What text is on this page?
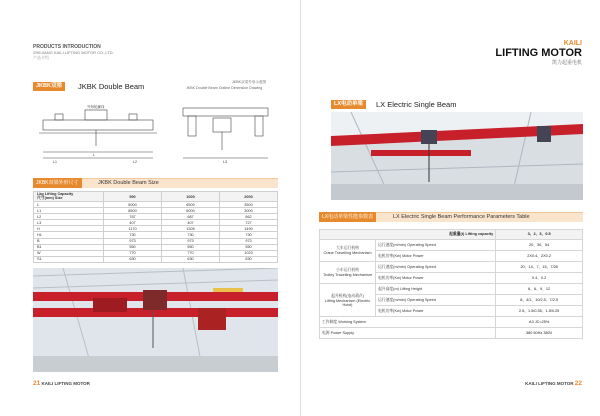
PRODUCTS INTRODUCTION
ZHEJIANG KAILI LIFTING MOTOR CO.,LTD.
产品介绍
JKBK双梁	JKBK Double Beam	JKBK双梁外形示意图
JKBK Double Beam Outline Dimension Drawing
外形轮廓线
L
L1	L2	L3
JKBK双梁外形尺寸	JKBK Double Beam Size
Lkg Lifting Capacity
尺寸(mm) Size	500	1000	2000
L	5000	6500	3500
L1	8500	6000	3000
L2	787	687	662
L3	407	407	727
H	1170	1305	1490
H1	730	730	730
B	973	973	973
B1	550	550	550
W	770	770	1023
S1	630	630	630
21 KAILI LIFTING MOTOR
KAILI
LIFTING MOTOR
凯力起重电机
LX电动单梁	LX Electric Single Beam
LX电动单梁性能参数表	LX Electric Single Beam Performance Parameters Table
起重量(t) Lifting capacity		3、2、3、0.5
大车运行机构
Crane Travelling Mechanism	运行速度(m/min) Operating Speed	20、30、54
	电机功率(Kw) Motor Power	2X0.4、2X0.2
小车运行机构
Trolley Travelling Mechanism	运行速度(m/min) Operating Speed	20、14、7、15、7/28
	电机功率(Kw) Motor Power	0.4、0.2
起升机构(电动葫芦)
Lifting Mechanism (Electric Hoist)	起升高度(m) Lifting Height	6、6、9、12
	运行速度(m/min) Operating Speed	8、4/1、10/2.5、7/2.5
	电机功率(Kw) Motor Power	2.5、1.5/0.35、1.5/0.25
工作制度 Working System		A3 JC=25%
电源 Power Supply		380 50Hz 380V
KAILI LIFTING MOTOR 22
